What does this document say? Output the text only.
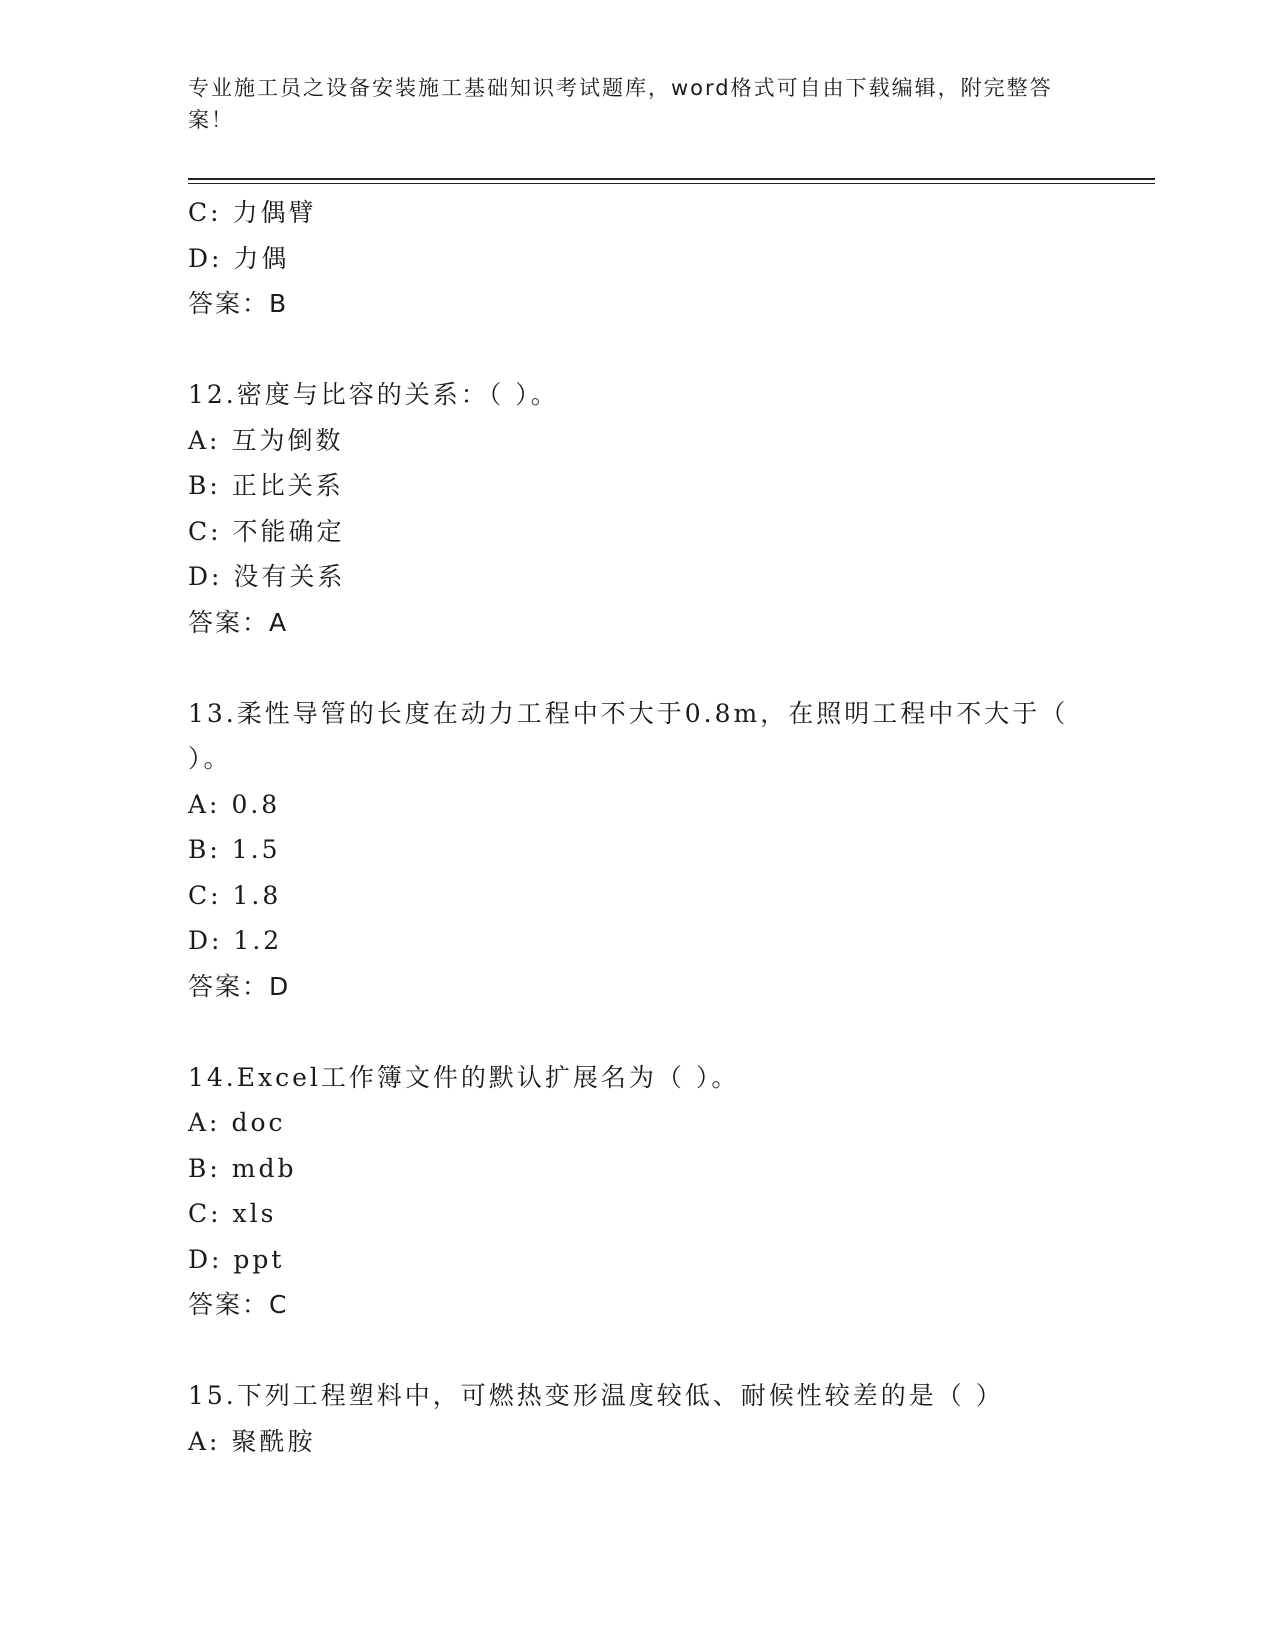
专业施工员之设备安装施工基础知识考试题库，word格式可自由下载编辑，附完整答案！
C: 力偶臂
D: 力偶
答案：B
12.密度与比容的关系：（ ）。
A: 互为倒数
B: 正比关系
C: 不能确定
D: 没有关系
答案：A
13.柔性导管的长度在动力工程中不大于0.8m，在照明工程中不大于（ ）。
A: 0.8
B: 1.5
C: 1.8
D: 1.2
答案：D
14.Excel工作簿文件的默认扩展名为（ ）。
A: doc
B: mdb
C: xls
D: ppt
答案：C
15.下列工程塑料中，可燃热变形温度较低、耐候性较差的是（ ）
A: 聚酰胺
